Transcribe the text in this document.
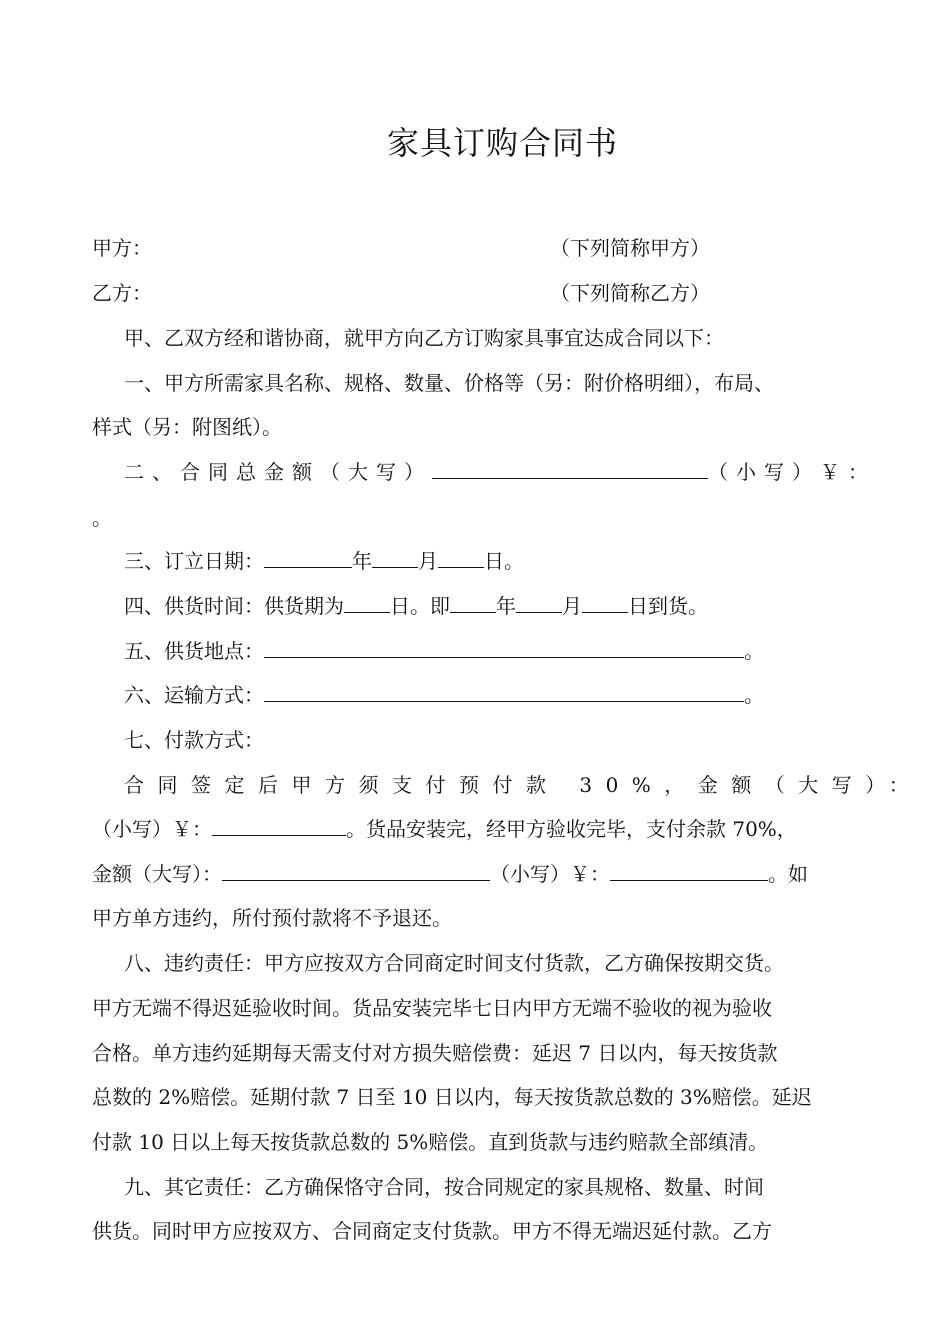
家具订购合同书
甲方：	（下列简称甲方）
乙方：	（下列简称乙方）
甲、乙双方经和谐协商，就甲方向乙方订购家具事宜达成合同以下：
一、甲方所需家具名称、规格、数量、价格等（另：附价格明细），布局、
样式（另：附图纸）。
二、合同总金额（大写）	（小写）￥：
。
三、订立日期：	年 月 日。
四、供货时间：供货期为 日。即 年 月 日到货。
五、供货地点：	。
六、运输方式：	。
七、付款方式：
合同签定后甲方须支付预付款 30%，金额（大写）：
（小写）￥：	。货品安装完，经甲方验收完毕，支付余款 70%，
金额（大写）：	（小写）￥：	。如
甲方单方违约，所付预付款将不予退还。
八、违约责任：甲方应按双方合同商定时间支付货款，乙方确保按期交货。
甲方无端不得迟延验收时间。货品安装完毕七日内甲方无端不验收的视为验收
合格。单方违约延期每天需支付对方损失赔偿费：延迟 7 日以内，每天按货款
总数的 2%赔偿。延期付款 7 日至 10 日以内，每天按货款总数的 3%赔偿。延迟
付款 10 日以上每天按货款总数的 5%赔偿。直到货款与违约赔款全部缜清。
九、其它责任：乙方确保恪守合同，按合同规定的家具规格、数量、时间
供货。同时甲方应按双方、合同商定支付货款。甲方不得无端迟延付款。乙方
